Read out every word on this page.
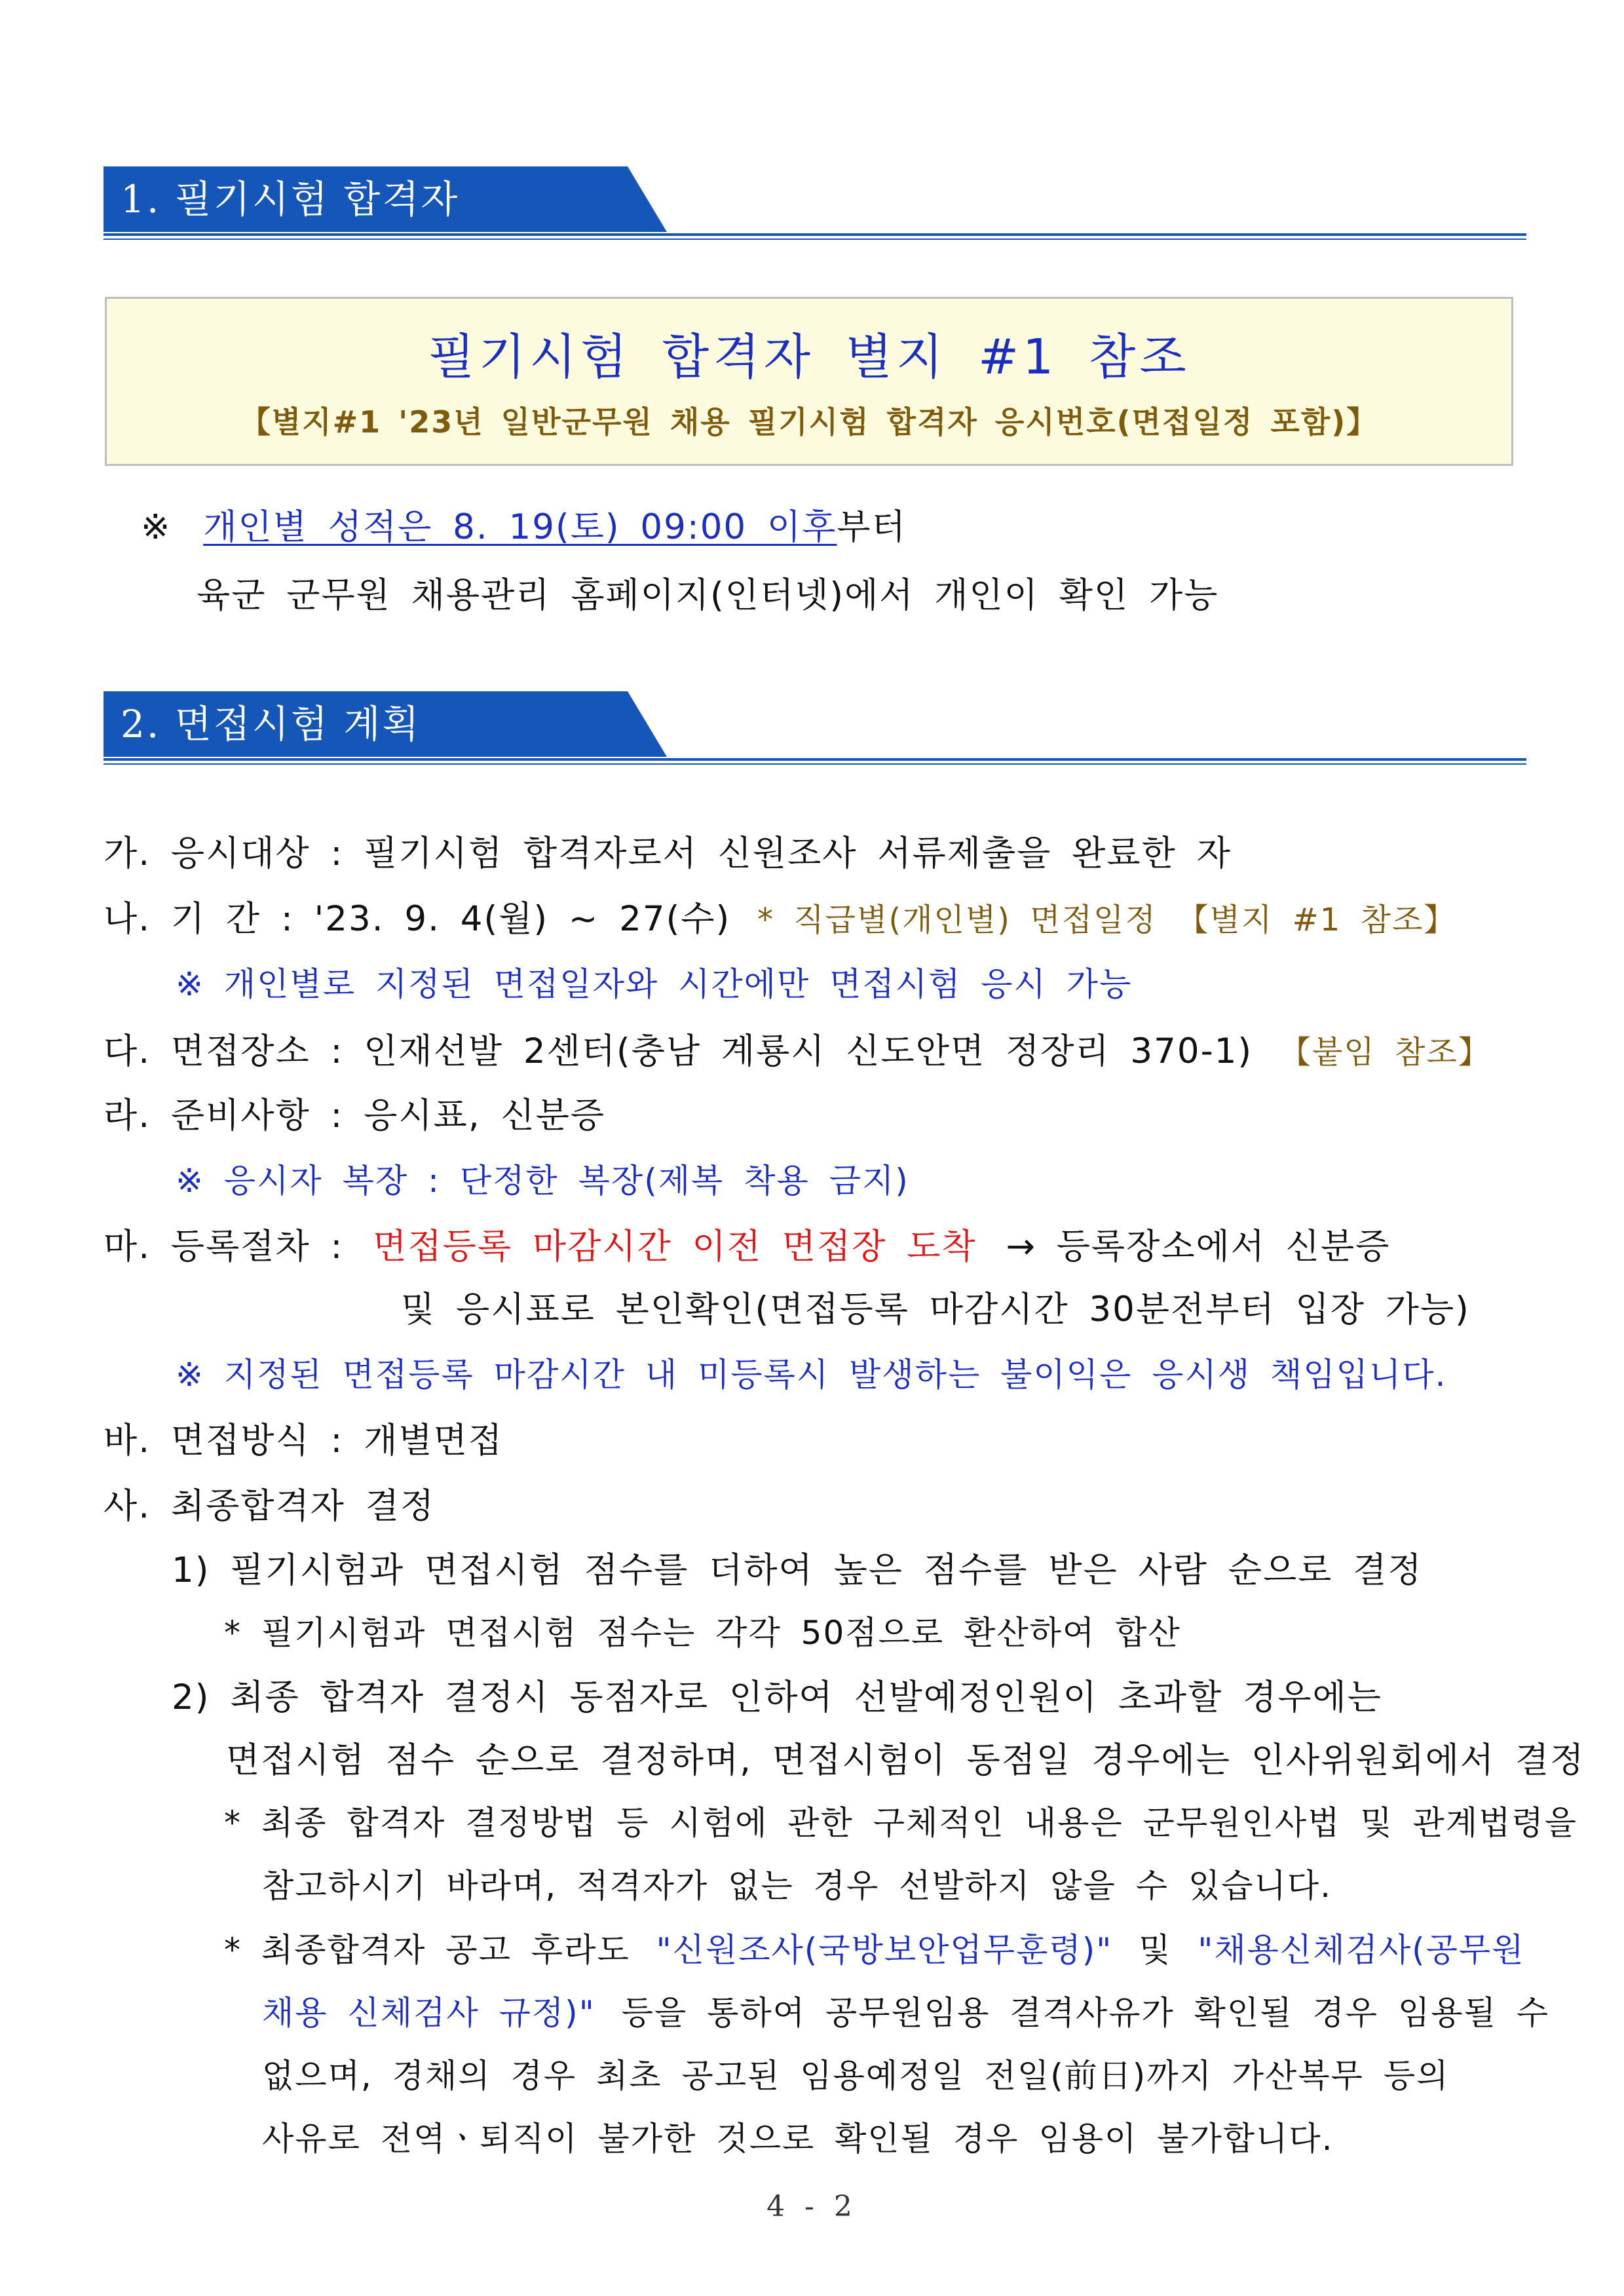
1. 필기시험 합격자
필기시험 합격자 별지 #1 참조
【별지#1 '23년 일반군무원 채용 필기시험 합격자 응시번호(면접일정 포함)】
※ 개인별 성적은 8. 19(토) 09:00 이후부터
육군 군무원 채용관리 홈페이지(인터넷)에서 개인이 확인 가능
2. 면접시험 계획
가. 응시대상 : 필기시험 합격자로서 신원조사 서류제출을 완료한 자
나. 기 간 : '23. 9. 4(월) ~ 27(수) * 직급별(개인별) 면접일정 【별지 #1 참조】
※ 개인별로 지정된 면접일자와 시간에만 면접시험 응시 가능
다. 면접장소 : 인재선발 2센터(충남 계룡시 신도안면 정장리 370-1) 【붙임 참조】
라. 준비사항 : 응시표, 신분증
※ 응시자 복장 : 단정한 복장(제복 착용 금지)
마. 등록절차 : 면접등록 마감시간 이전 면접장 도착 → 등록장소에서 신분증
및 응시표로 본인확인(면접등록 마감시간 30분전부터 입장 가능)
※ 지정된 면접등록 마감시간 내 미등록시 발생하는 불이익은 응시생 책임입니다.
바. 면접방식 : 개별면접
사. 최종합격자 결정
1) 필기시험과 면접시험 점수를 더하여 높은 점수를 받은 사람 순으로 결정
* 필기시험과 면접시험 점수는 각각 50점으로 환산하여 합산
2) 최종 합격자 결정시 동점자로 인하여 선발예정인원이 초과할 경우에는
면접시험 점수 순으로 결정하며, 면접시험이 동점일 경우에는 인사위원회에서 결정
* 최종 합격자 결정방법 등 시험에 관한 구체적인 내용은 군무원인사법 및 관계법령을
참고하시기 바라며, 적격자가 없는 경우 선발하지 않을 수 있습니다.
* 최종합격자 공고 후라도 "신원조사(국방보안업무훈령)" 및 "채용신체검사(공무원
채용 신체검사 규정)" 등을 통하여 공무원임용 결격사유가 확인될 경우 임용될 수
없으며, 경채의 경우 최초 공고된 임용예정일 전일(前日)까지 가산복무 등의
사유로 전역ㆍ퇴직이 불가한 것으로 확인될 경우 임용이 불가합니다.
4 - 2
